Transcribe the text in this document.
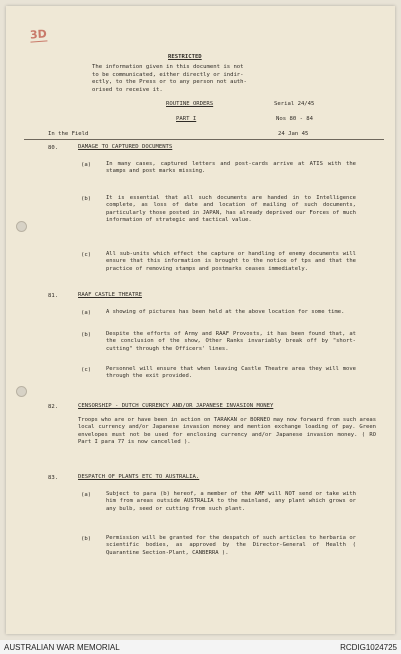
3D
RESTRICTED
The information given in this document is not
to be communicated, either directly or indir-
ectly, to the Press or to any person not auth-
orised to receive it.
ROUTINE ORDERS	Serial 24/45
PART I	Nos 80 - 84
In the Field	24 Jan 45
80.	DAMAGE TO CAPTURED DOCUMENTS
(a)	In many cases, captured letters and post-cards arrive at ATIS with the stamps and post marks missing.
(b)	It is essential that all such documents are handed in to Intelligence complete, as loss of date and location of mailing of such documents, particularly those posted in JAPAN, has already deprived our Forces of much information of strategic and tactical value.
(c)	All sub-units which effect the capture or handling of enemy documents will ensure that this information is brought to the notice of tps and that the practice of removing stamps and postmarks ceases immediately.
81.	RAAF CASTLE THEATRE
(a)	A showing of pictures has been held at the above location for some time.
(b)	Despite the efforts of Army and RAAF Provosts, it has been found that, at the conclusion of the show, Other Ranks invariably break off by "short-cutting" through the Officers' lines.
(c)	Personnel will ensure that when leaving Castle Theatre area they will move through the exit provided.
82.	CENSORSHIP - DUTCH CURRENCY AND/OR JAPANESE INVASION MONEY
Troops who are or have been in action on TARAKAN or BORNEO may now forward from such areas local currency and/or Japanese invasion money and mention exchange loading of pay. Green envelopes must not be used for enclosing currency and/or Japanese invasion money. ( RO Part I para 77 is now cancelled ).
83.	DESPATCH OF PLANTS ETC TO AUSTRALIA.
(a)	Subject to para (b) hereof, a member of the AMF will NOT send or take with him from areas outside AUSTRALIA to the mainland, any plant which grows or any bulb, seed or cutting from such plant.
(b)	Permission will be granted for the despatch of such articles to herbaria or scientific bodies, as approved by the Director-General of Health ( Quarantine Section-Plant, CANBERRA ).
AUSTRALIAN WAR MEMORIAL	RCDIG1024725
